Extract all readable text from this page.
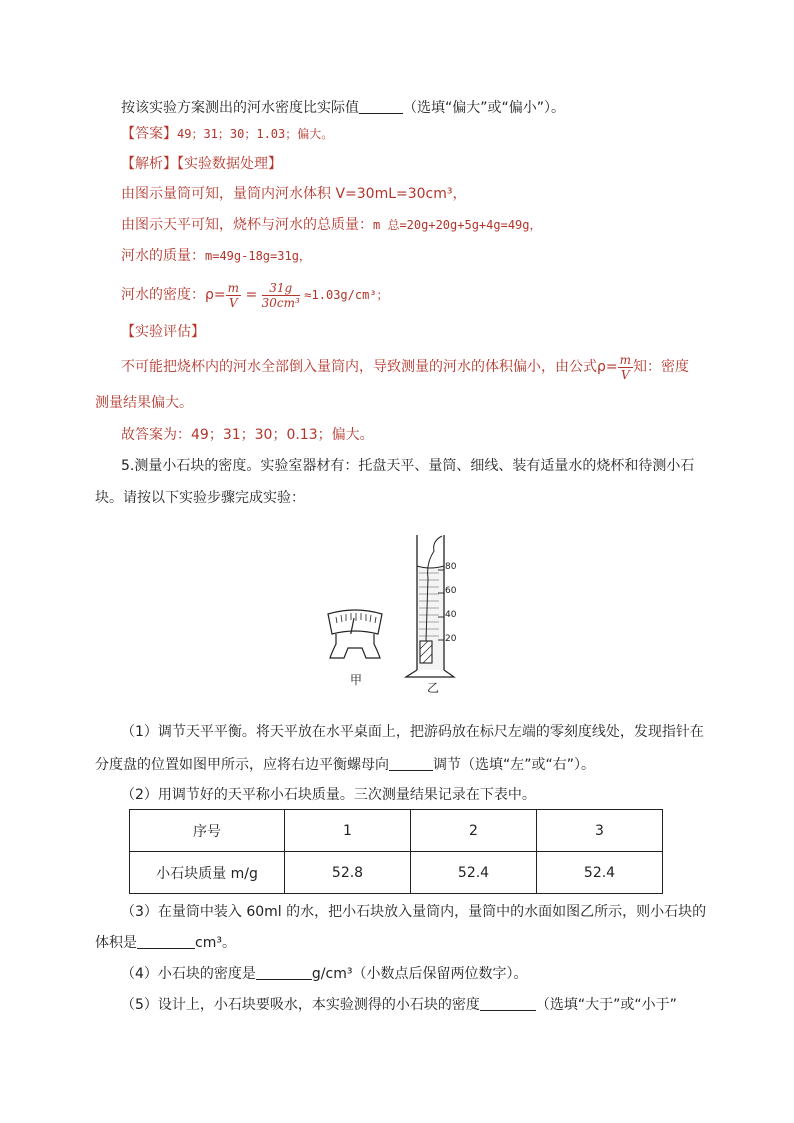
按该实验方案测出的河水密度比实际值	（选填“偏大”或“偏小”）。
【答案】49；31；30；1.03；偏大。
【解析】【实验数据处理】
由图示量筒可知，量筒内河水体积 V=30mL=30cm³，
由图示天平可知，烧杯与河水的总质量：m 总=20g+20g+5g+4g=49g，
河水的质量：m=49g-18g=31g，
河水的密度：$\rho= \frac{m}{V} = \frac{31g}{\text{30cm³}} \approx 1.03g/cm^3$；
【实验评估】
不可能把烧杯内的河水全部倒入量筒内，导致测量的河水的体积偏小，由公式$\rho= \frac{m}{V}$ 知：密度
测量结果偏大。
故答案为：49；31；30；0.13；偏大。
5.测量小石块的密度。实验室器材有：托盘天平、量筒、细线、装有适量水的烧杯和待测小石
块。请按以下实验步骤完成实验：
甲
80
60
40
20
乙
（1）调节天平平衡。将天平放在水平桌面上，把游码放在标尺左端的零刻度线处，发现指针在
分度盘的位置如图甲所示，应将右边平衡螺母向	调节（选填“左”或“右”）。
（2）用调节好的天平称小石块质量。三次测量结果记录在下表中。
序号	1	2	3
小石块质量 m/g	52.8	52.4	52.4
（3）在量筒中装入 60ml 的水，把小石块放入量筒内，量筒中的水面如图乙所示，则小石块的
体积是	cm³。
（4）小石块的密度是	g/cm³（小数点后保留两位数字）。
（5）设计上，小石块要吸水，本实验测得的小石块的密度	（选填“大于”或“小于”
